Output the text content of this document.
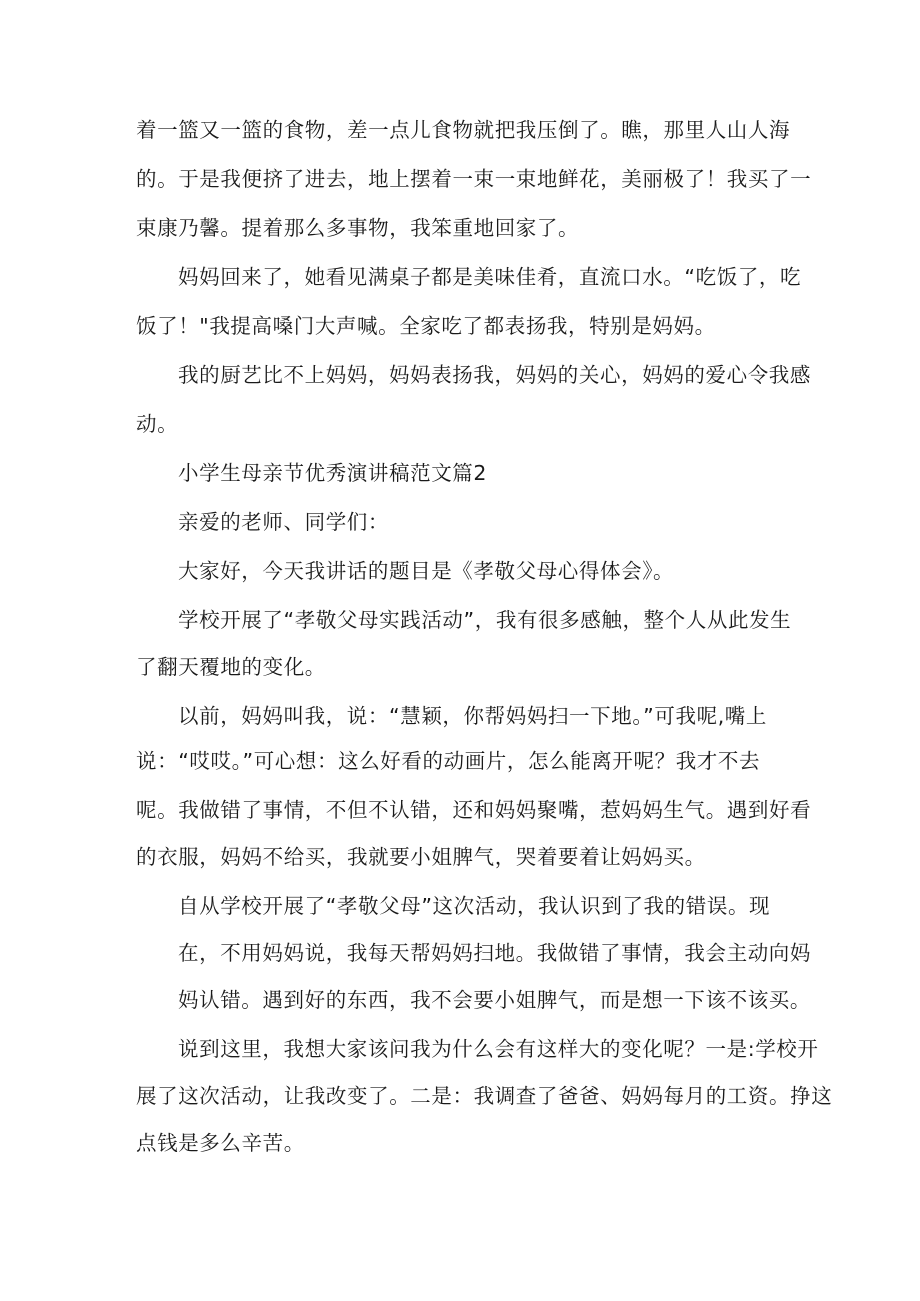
着一篮又一篮的食物，差一点儿食物就把我压倒了。瞧，那里人山人海

的。于是我便挤了进去，地上摆着一束一束地鲜花，美丽极了！我买了一

束康乃馨。提着那么多事物，我笨重地回家了。

妈妈回来了，她看见满桌子都是美味佳肴，直流口水。“吃饭了，吃

饭了！"我提高嗓门大声喊。全家吃了都表扬我，特别是妈妈。

我的厨艺比不上妈妈，妈妈表扬我，妈妈的关心，妈妈的爱心令我感

动。

小学生母亲节优秀演讲稿范文篇2

亲爱的老师、同学们：

大家好，今天我讲话的题目是《孝敬父母心得体会》。

学校开展了“孝敬父母实践活动”，我有很多感触，整个人从此发生

了翻天覆地的变化。

以前，妈妈叫我，说：“慧颖，你帮妈妈扫一下地。”可我呢,嘴上

说：“哎哎。”可心想：这么好看的动画片，怎么能离开呢？我才不去

呢。我做错了事情，不但不认错，还和妈妈聚嘴，惹妈妈生气。遇到好看

的衣服，妈妈不给买，我就要小姐脾气，哭着要着让妈妈买。

自从学校开展了“孝敬父母”这次活动，我认识到了我的错误。现

在，不用妈妈说，我每天帮妈妈扫地。我做错了事情，我会主动向妈

妈认错。遇到好的东西，我不会要小姐脾气，而是想一下该不该买。

说到这里，我想大家该问我为什么会有这样大的变化呢？一是:学校开

展了这次活动，让我改变了。二是：我调查了爸爸、妈妈每月的工资。挣这

点钱是多么辛苦。
